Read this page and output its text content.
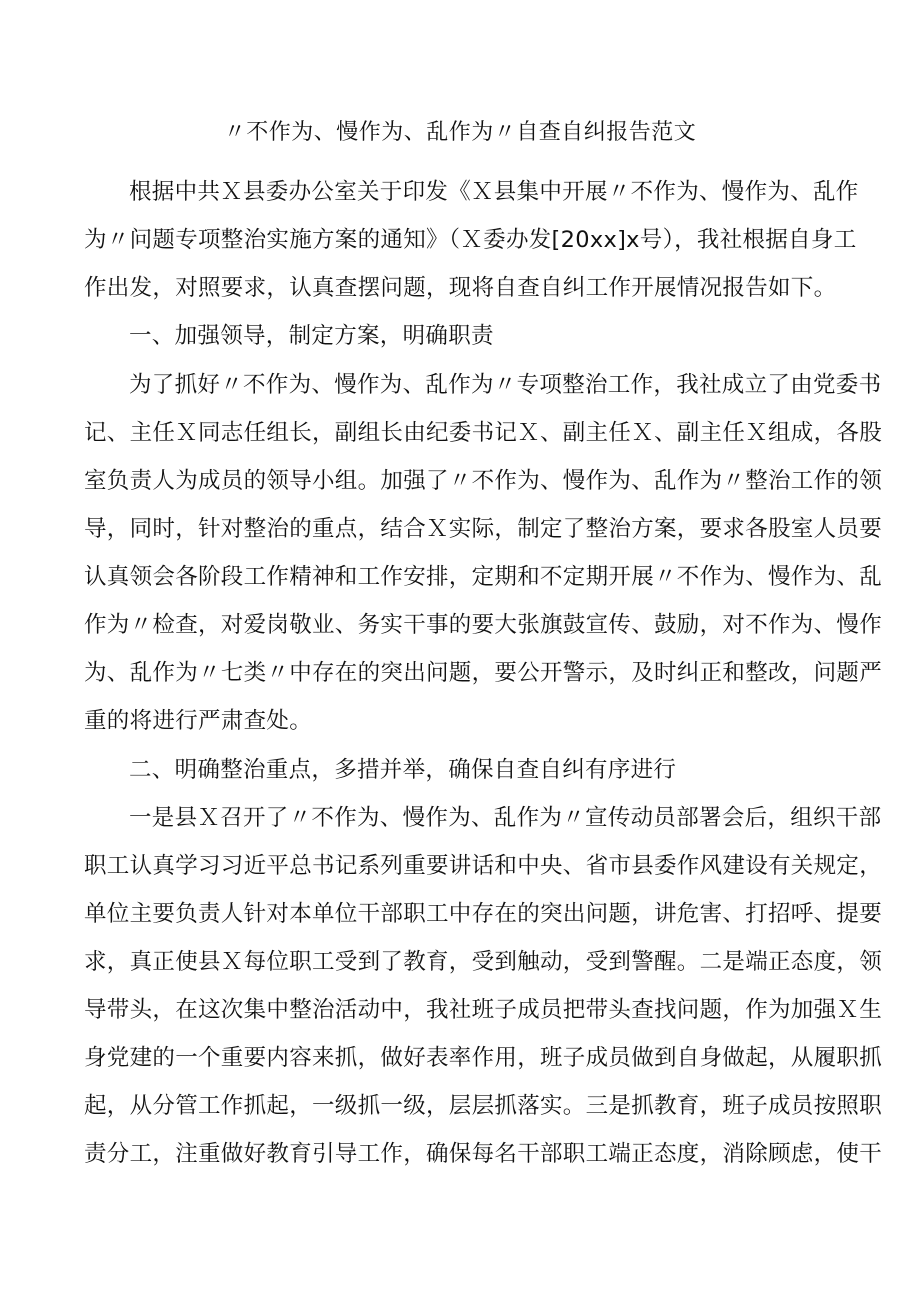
〃不作为、慢作为、乱作为〃自查自纠报告范文
根据中共Ｘ县委办公室关于印发《Ｘ县集中开展〃不作为、慢作为、乱作
为〃问题专项整治实施方案的通知》（Ｘ委办发[20xx]x号），我社根据自身工
作出发，对照要求，认真查摆问题，现将自查自纠工作开展情况报告如下。
一、加强领导，制定方案，明确职责
为了抓好〃不作为、慢作为、乱作为〃专项整治工作，我社成立了由党委书
记、主任Ｘ同志任组长，副组长由纪委书记Ｘ、副主任Ｘ、副主任Ｘ组成，各股
室负责人为成员的领导小组。加强了〃不作为、慢作为、乱作为〃整治工作的领
导，同时，针对整治的重点，结合Ｘ实际，制定了整治方案，要求各股室人员要
认真领会各阶段工作精神和工作安排，定期和不定期开展〃不作为、慢作为、乱
作为〃检查，对爱岗敬业、务实干事的要大张旗鼓宣传、鼓励，对不作为、慢作
为、乱作为〃七类〃中存在的突出问题，要公开警示，及时纠正和整改，问题严
重的将进行严肃查处。
二、明确整治重点，多措并举，确保自查自纠有序进行
一是县Ｘ召开了〃不作为、慢作为、乱作为〃宣传动员部署会后，组织干部
职工认真学习习近平总书记系列重要讲话和中央、省市县委作风建设有关规定，
单位主要负责人针对本单位干部职工中存在的突出问题，讲危害、打招呼、提要
求，真正使县Ｘ每位职工受到了教育，受到触动，受到警醒。二是端正态度，领
导带头，在这次集中整治活动中，我社班子成员把带头查找问题，作为加强Ｘ生
身党建的一个重要内容来抓，做好表率作用，班子成员做到自身做起，从履职抓
起，从分管工作抓起，一级抓一级，层层抓落实。三是抓教育，班子成员按照职
责分工，注重做好教育引导工作，确保每名干部职工端正态度，消除顾虑，使干
